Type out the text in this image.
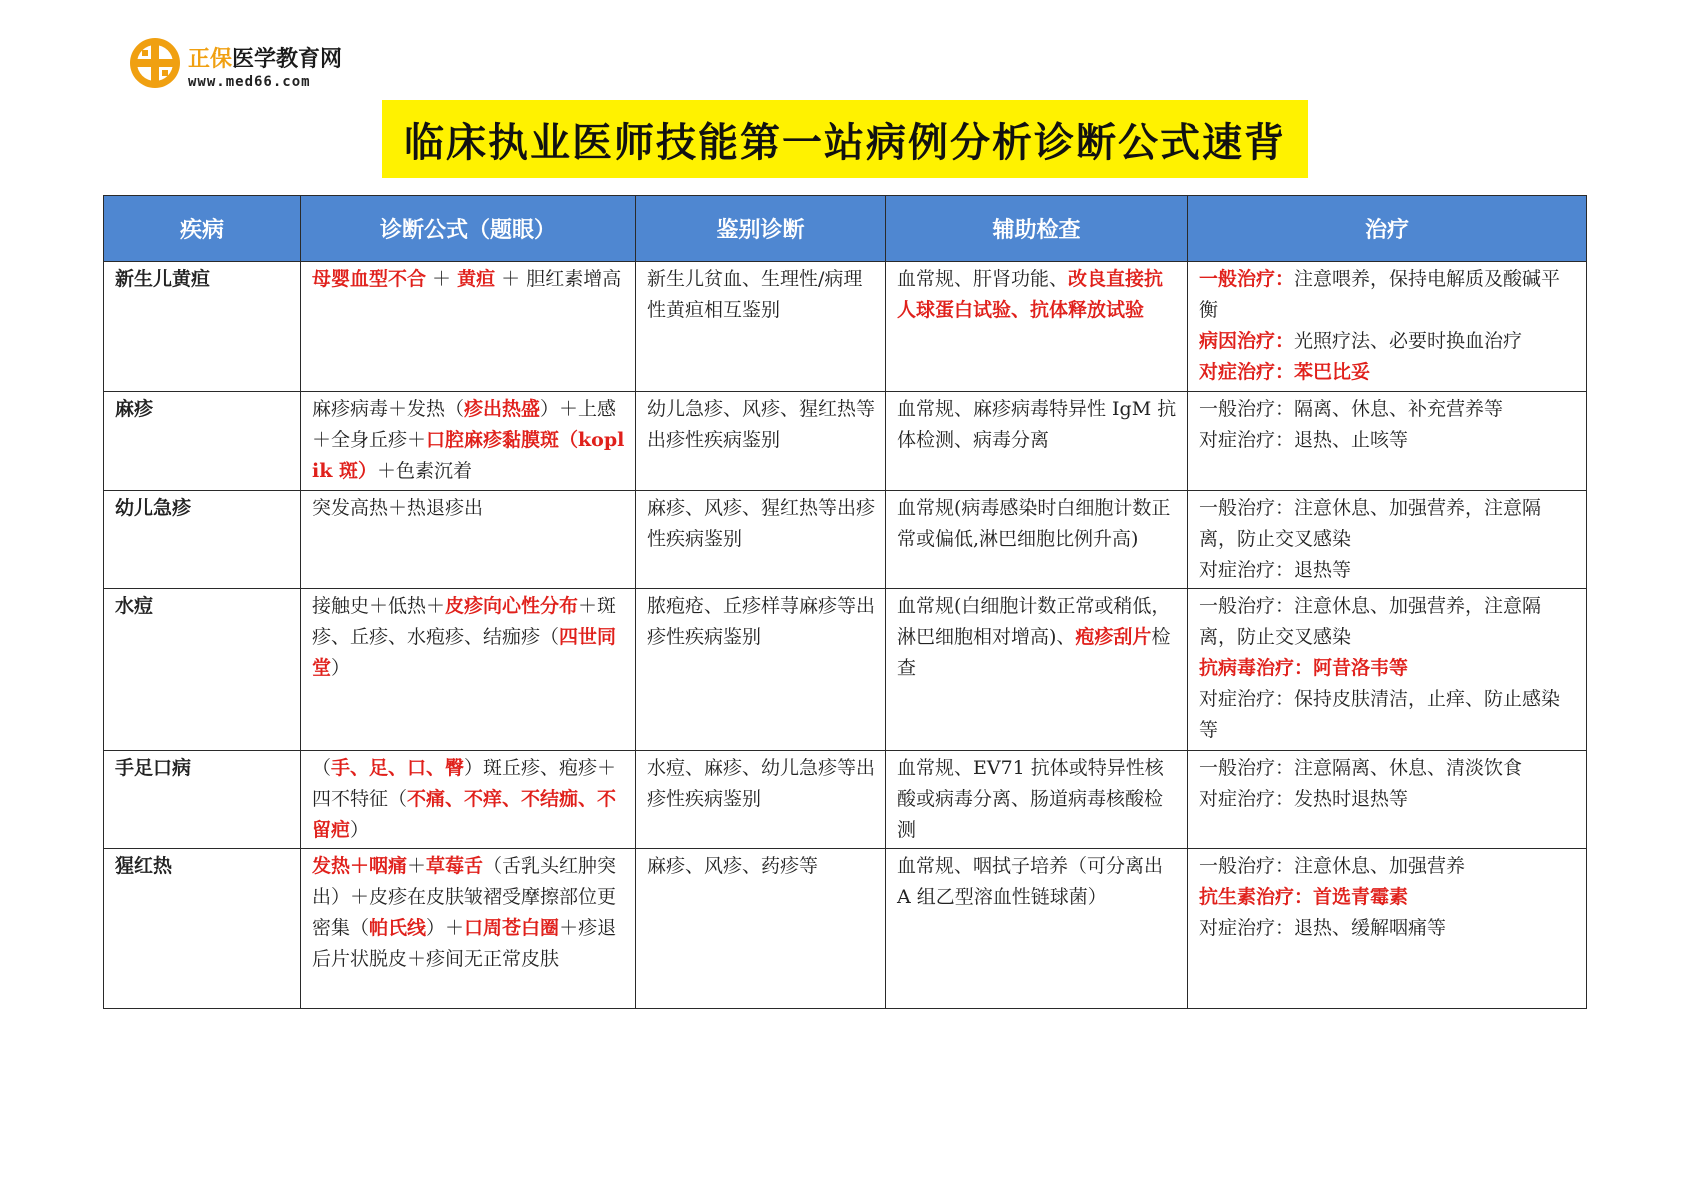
正保医学教育网
www.med66.com
临床执业医师技能第一站病例分析诊断公式速背
疾病	诊断公式（题眼）	鉴别诊断	辅助检查	治疗
新生儿黄疸	母婴血型不合 ＋ 黄疸 ＋ 胆红素增高	新生儿贫血、生理性/病理性黄疸相互鉴别	血常规、肝肾功能、改良直接抗人球蛋白试验、抗体释放试验	一般治疗：注意喂养，保持电解质及酸碱平衡
病因治疗：光照疗法、必要时换血治疗
对症治疗：苯巴比妥

麻疹	麻疹病毒＋发热（疹出热盛）＋上感＋全身丘疹＋口腔麻疹黏膜斑（koplik 斑）＋色素沉着	幼儿急疹、风疹、猩红热等出疹性疾病鉴别	血常规、麻疹病毒特异性 IgM 抗体检测、病毒分离	一般治疗：隔离、休息、补充营养等
对症治疗：退热、止咳等

幼儿急疹	突发高热＋热退疹出	麻疹、风疹、猩红热等出疹性疾病鉴别	血常规(病毒感染时白细胞计数正常或偏低,淋巴细胞比例升高)	一般治疗：注意休息、加强营养，注意隔离，防止交叉感染
对症治疗：退热等

水痘	接触史＋低热＋皮疹向心性分布＋斑疹、丘疹、水疱疹、结痂疹（四世同堂）	脓疱疮、丘疹样荨麻疹等出疹性疾病鉴别	血常规(白细胞计数正常或稍低，淋巴细胞相对增高)、疱疹刮片检查	一般治疗：注意休息、加强营养，注意隔离，防止交叉感染
抗病毒治疗：阿昔洛韦等
对症治疗：保持皮肤清洁，止痒、防止感染等

手足口病	（手、足、口、臀）斑丘疹、疱疹＋四不特征（不痛、不痒、不结痂、不留疤）	水痘、麻疹、幼儿急疹等出疹性疾病鉴别	血常规、EV71 抗体或特异性核酸或病毒分离、肠道病毒核酸检测	一般治疗：注意隔离、休息、清淡饮食
对症治疗：发热时退热等

猩红热	发热＋咽痛＋草莓舌（舌乳头红肿突出）＋皮疹在皮肤皱褶受摩擦部位更密集（帕氏线）＋口周苍白圈＋疹退后片状脱皮＋疹间无正常皮肤	麻疹、风疹、药疹等	血常规、咽拭子培养（可分离出 A 组乙型溶血性链球菌）	一般治疗：注意休息、加强营养
抗生素治疗：首选青霉素
对症治疗：退热、缓解咽痛等
